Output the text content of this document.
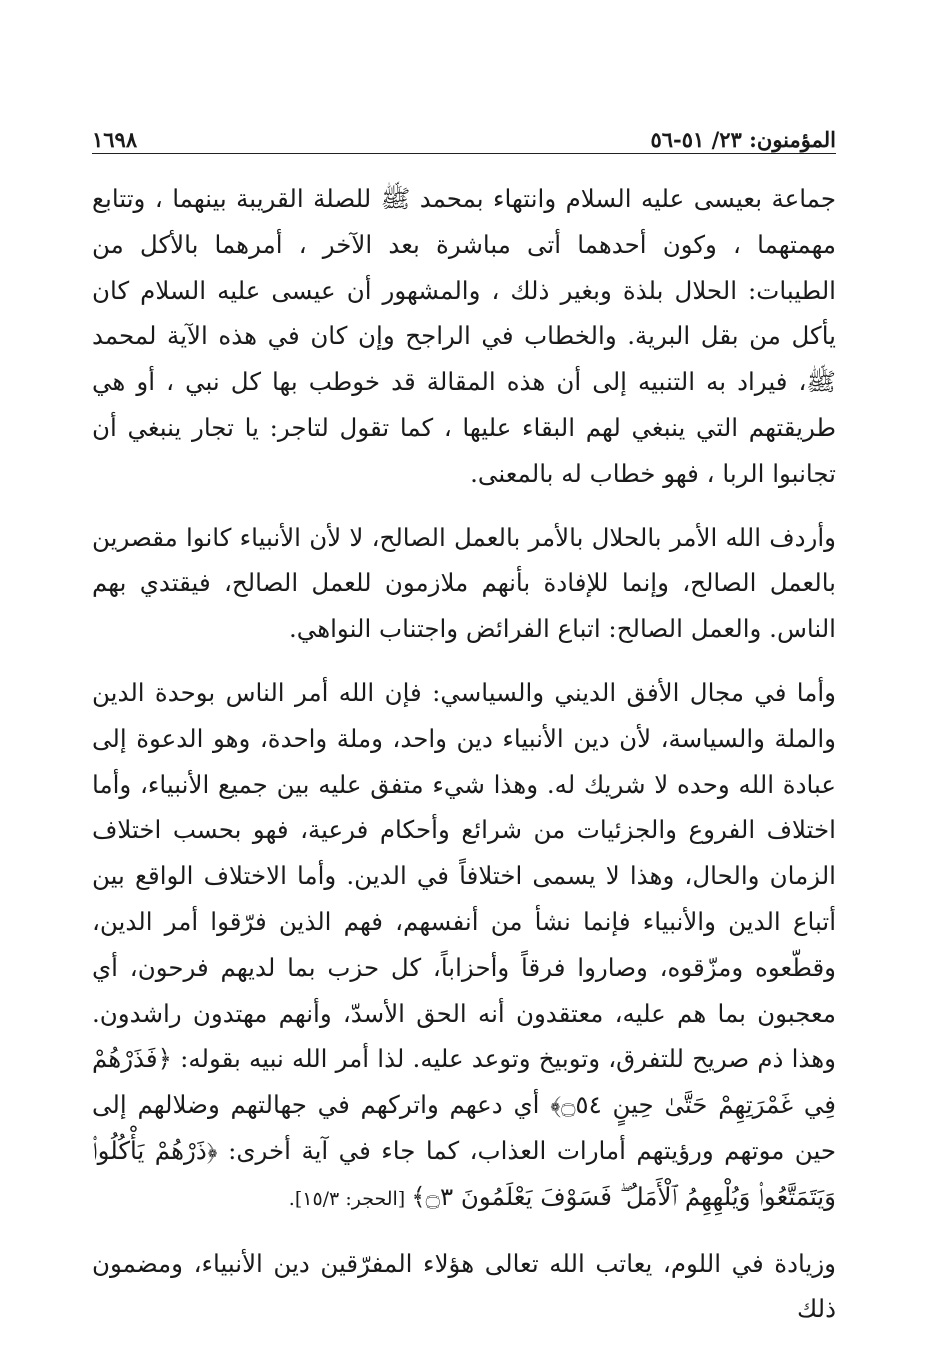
المؤمنون: ٢٣/ ٥١-٥٦
١٦٩٨

جماعة بعيسى عليه السلام وانتهاء بمحمد ﷺ للصلة القريبة بينهما ، وتتابع مهمتهما ، وكون أحدهما أتى مباشرة بعد الآخر ، أمرهما بالأكل من الطيبات: الحلال بلذة وبغير ذلك ، والمشهور أن عيسى عليه السلام كان يأكل من بقل البرية. والخطاب في الراجح وإن كان في هذه الآية لمحمد ﷺ، فيراد به التنبيه إلى أن هذه المقالة قد خوطب بها كل نبي ، أو هي طريقتهم التي ينبغي لهم البقاء عليها ، كما تقول لتاجر: يا تجار ينبغي أن تجانبوا الربا ، فهو خطاب له بالمعنى.

وأردف الله الأمر بالحلال بالأمر بالعمل الصالح، لا لأن الأنبياء كانوا مقصرين بالعمل الصالح، وإنما للإفادة بأنهم ملازمون للعمل الصالح، فيقتدي بهم الناس. والعمل الصالح: اتباع الفرائض واجتناب النواهي.

وأما في مجال الأفق الديني والسياسي: فإن الله أمر الناس بوحدة الدين والملة والسياسة، لأن دين الأنبياء دين واحد، وملة واحدة، وهو الدعوة إلى عبادة الله وحده لا شريك له. وهذا شيء متفق عليه بين جميع الأنبياء، وأما اختلاف الفروع والجزئيات من شرائع وأحكام فرعية، فهو بحسب اختلاف الزمان والحال، وهذا لا يسمى اختلافاً في الدين. وأما الاختلاف الواقع بين أتباع الدين والأنبياء فإنما نشأ من أنفسهم، فهم الذين فرّقوا أمر الدين، وقطّعوه ومزّقوه، وصاروا فرقاً وأحزاباً، كل حزب بما لديهم فرحون، أي معجبون بما هم عليه، معتقدون أنه الحق الأسدّ، وأنهم مهتدون راشدون. وهذا ذم صريح للتفرق، وتوبيخ وتوعد عليه. لذا أمر الله نبيه بقوله: ﴿فَذَرْهُمْ فِي غَمْرَتِهِمْ حَتَّىٰ حِينٍ ۝٥٤﴾ أي دعهم واتركهم في جهالتهم وضلالهم إلى حين موتهم ورؤيتهم أمارات العذاب، كما جاء في آية أخرى: ﴿ذَرْهُمْ يَأْكُلُوا۟ وَيَتَمَتَّعُوا۟ وَيُلْهِهِمُ ٱلْأَمَلُ ۖ فَسَوْفَ يَعْلَمُونَ ۝٣﴾ [الحجر: ١٥/٣].

وزيادة في اللوم، يعاتب الله تعالى هؤلاء المفرّقين دين الأنبياء، ومضمون ذلك
